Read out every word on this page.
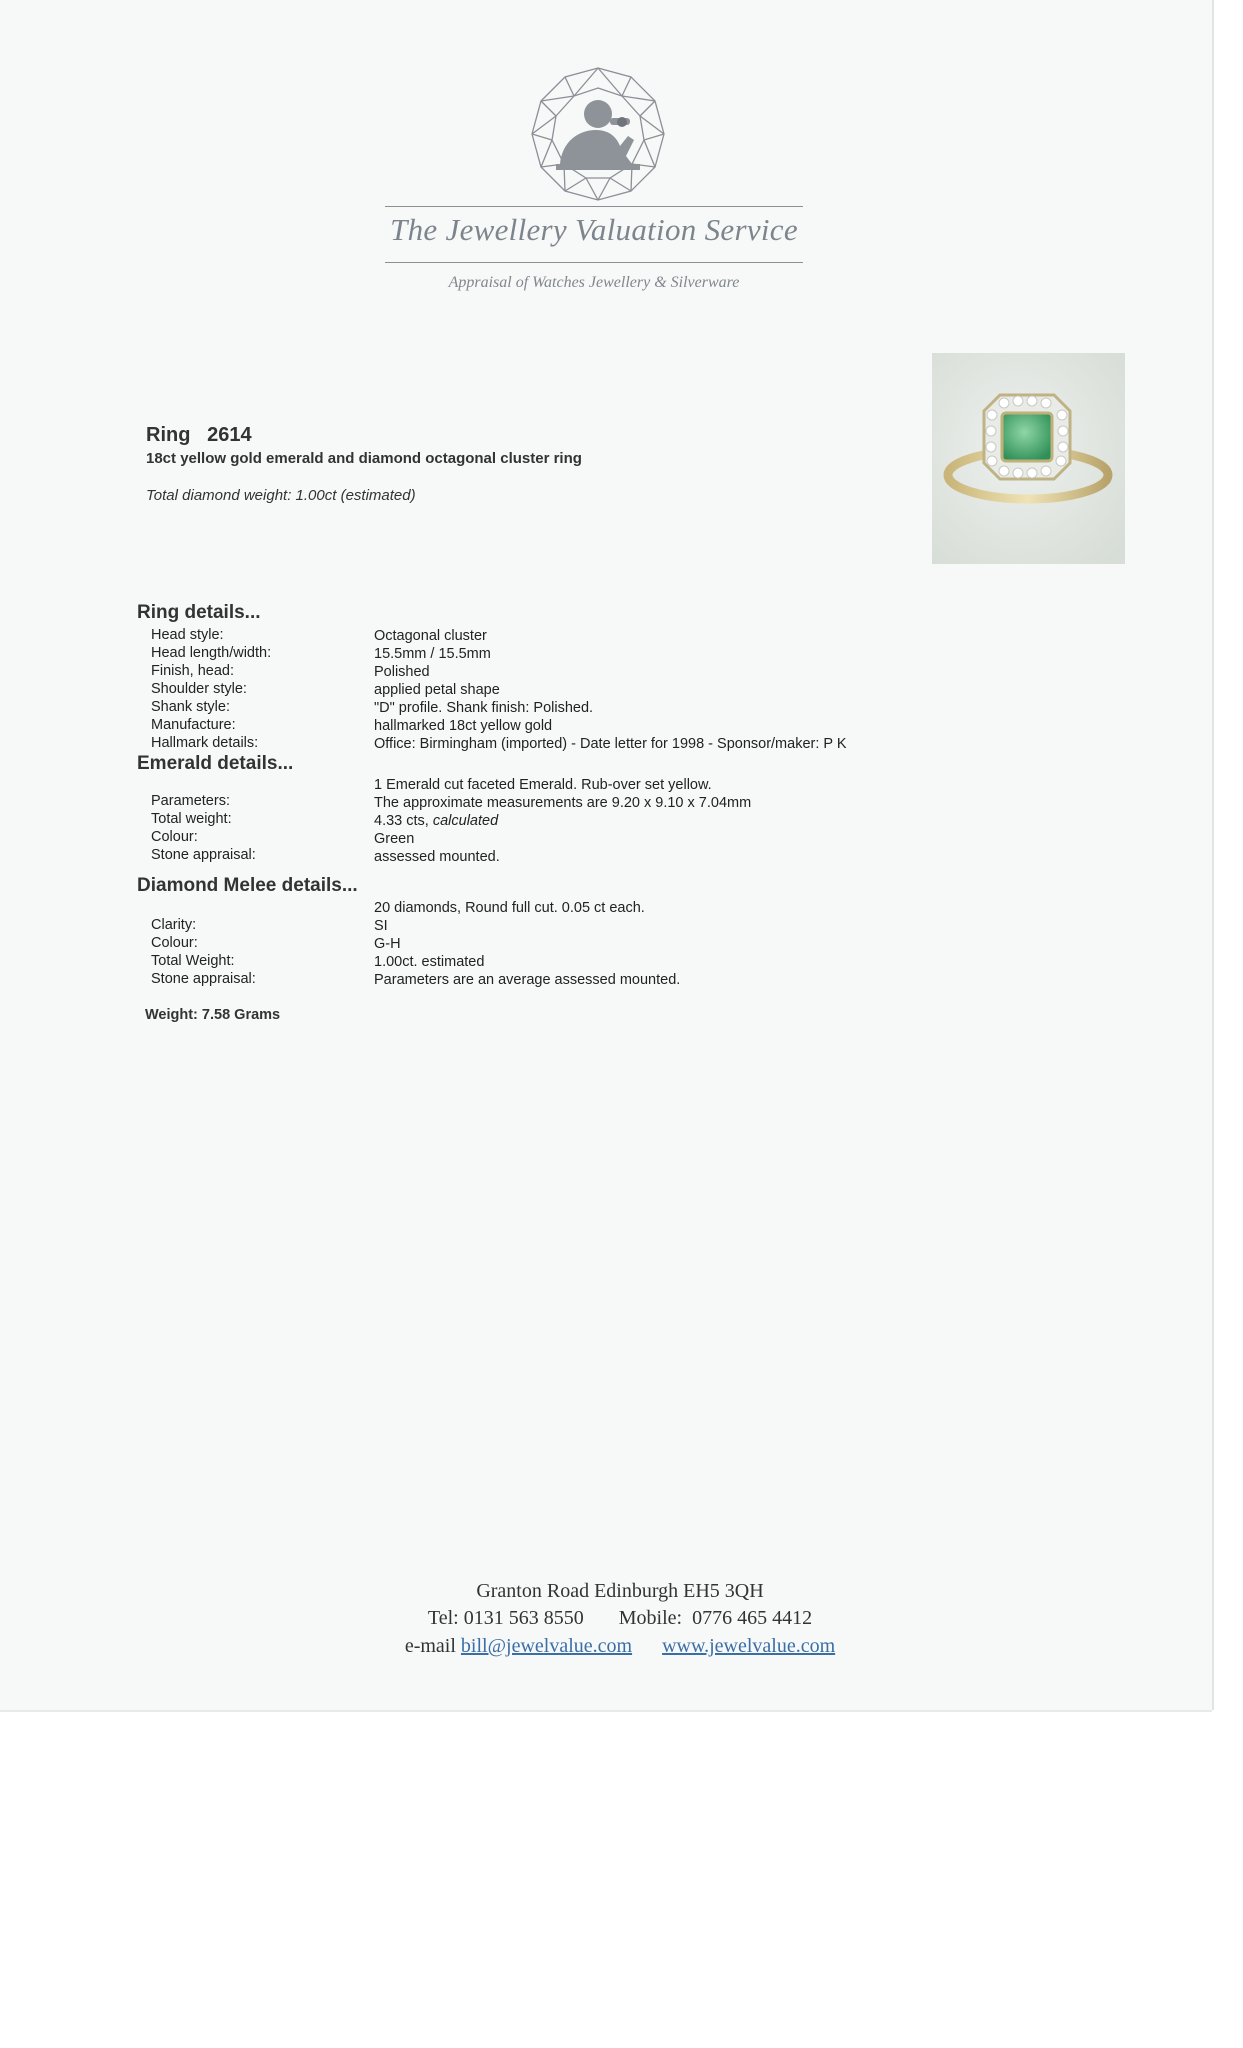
The Jewellery Valuation Service
Appraisal of Watches Jewellery & Silverware
Ring   2614
18ct yellow gold emerald and diamond octagonal cluster ring
Total diamond weight: 1.00ct (estimated)
Ring details...
Head style:	Octagonal cluster
Head length/width:	15.5mm / 15.5mm
Finish, head:	Polished
Shoulder style:	applied petal shape
Shank style:	"D" profile. Shank finish: Polished.
Manufacture:	hallmarked 18ct yellow gold
Hallmark details:	Office: Birmingham (imported) - Date letter for 1998 - Sponsor/maker: P K
Emerald details...
1 Emerald cut faceted Emerald. Rub-over set yellow.
Parameters:	The approximate measurements are 9.20 x 9.10 x 7.04mm
Total weight:	4.33 cts, calculated
Colour:	Green
Stone appraisal:	assessed mounted.
Diamond Melee details...
20 diamonds, Round full cut. 0.05 ct each.
Clarity:	SI
Colour:	G-H
Total Weight:	1.00ct. estimated
Stone appraisal:	Parameters are an average assessed mounted.
Weight: 7.58 Grams
Granton Road Edinburgh EH5 3QH
Tel: 0131 563 8550 Mobile:  0776 465 4412
e-mail bill@jewelvalue.com www.jewelvalue.com
